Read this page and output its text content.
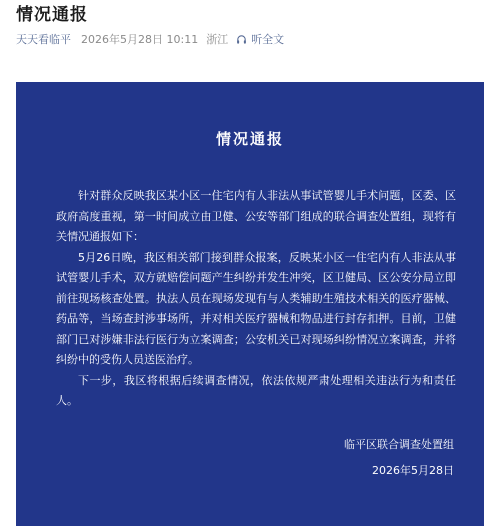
情况通报
天天看临平 2026年5月28日 10:11 浙江 听全文
情况通报

针对群众反映我区某小区一住宅内有人非法从事试管婴儿手术问题，区委、区政府高度重视，第一时间成立由卫健、公安等部门组成的联合调查处置组，现将有关情况通报如下：

5月26日晚，我区相关部门接到群众报案，反映某小区一住宅内有人非法从事试管婴儿手术，双方就赔偿问题产生纠纷并发生冲突，区卫健局、区公安分局立即前往现场核查处置。执法人员在现场发现有与人类辅助生殖技术相关的医疗器械、药品等，当场查封涉事场所，并对相关医疗器械和物品进行封存扣押。目前，卫健部门已对涉嫌非法行医行为立案调查；公安机关已对现场纠纷情况立案调查，并将纠纷中的受伤人员送医治疗。

下一步，我区将根据后续调查情况，依法依规严肃处理相关违法行为和责任人。

临平区联合调查处置组
2026年5月28日
